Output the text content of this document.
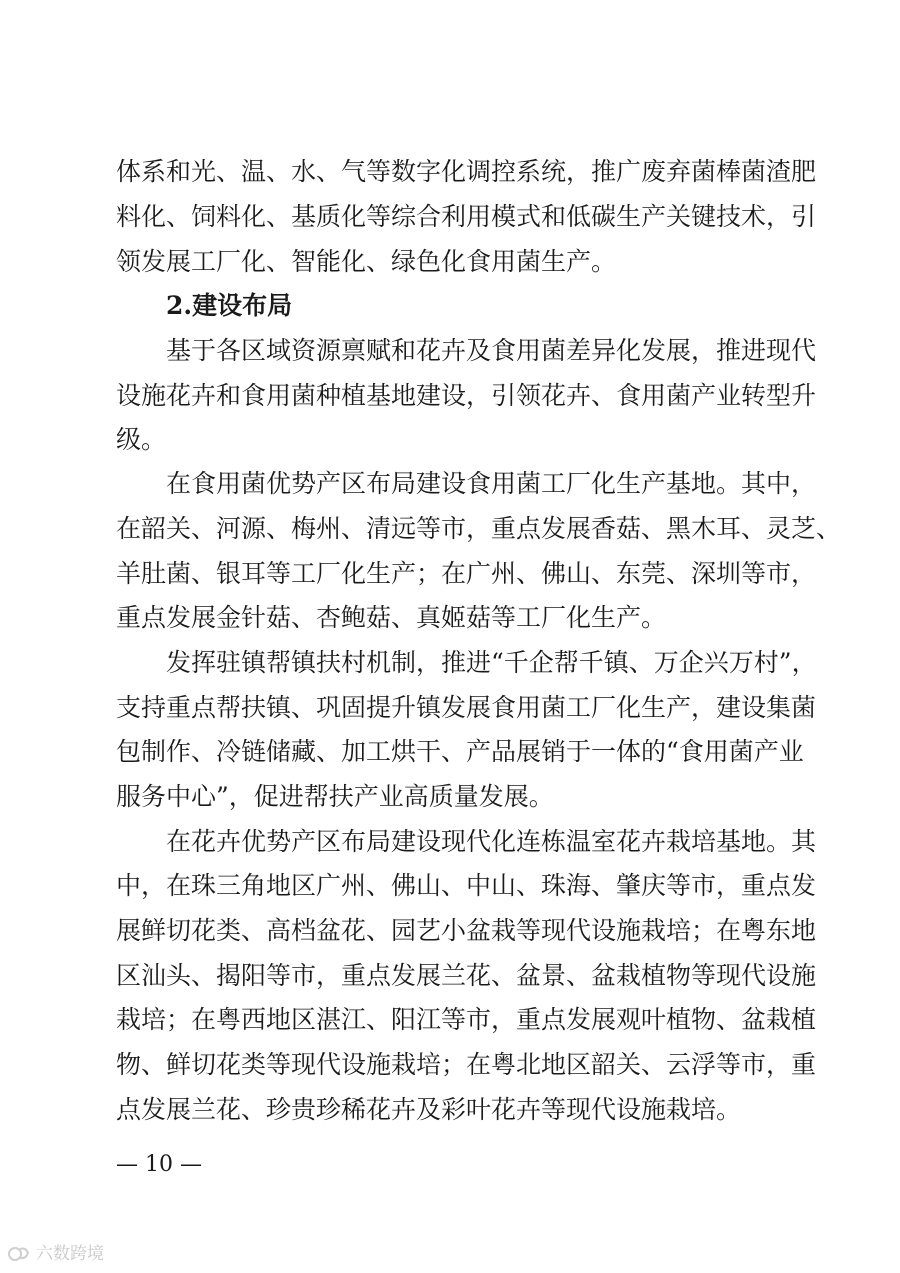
体系和光、温、水、气等数字化调控系统，推广废弃菌棒菌渣肥
料化、饲料化、基质化等综合利用模式和低碳生产关键技术，引
领发展工厂化、智能化、绿色化食用菌生产。
2.建设布局
基于各区域资源禀赋和花卉及食用菌差异化发展，推进现代
设施花卉和食用菌种植基地建设，引领花卉、食用菌产业转型升
级。
在食用菌优势产区布局建设食用菌工厂化生产基地。其中，
在韶关、河源、梅州、清远等市，重点发展香菇、黑木耳、灵芝、
羊肚菌、银耳等工厂化生产；在广州、佛山、东莞、深圳等市，
重点发展金针菇、杏鲍菇、真姬菇等工厂化生产。
发挥驻镇帮镇扶村机制，推进“千企帮千镇、万企兴万村”，
支持重点帮扶镇、巩固提升镇发展食用菌工厂化生产，建设集菌
包制作、冷链储藏、加工烘干、产品展销于一体的“食用菌产业
服务中心”，促进帮扶产业高质量发展。
在花卉优势产区布局建设现代化连栋温室花卉栽培基地。其
中，在珠三角地区广州、佛山、中山、珠海、肇庆等市，重点发
展鲜切花类、高档盆花、园艺小盆栽等现代设施栽培；在粤东地
区汕头、揭阳等市，重点发展兰花、盆景、盆栽植物等现代设施
栽培；在粤西地区湛江、阳江等市，重点发展观叶植物、盆栽植
物、鲜切花类等现代设施栽培；在粤北地区韶关、云浮等市，重
点发展兰花、珍贵珍稀花卉及彩叶花卉等现代设施栽培。
— 10 —
六数跨境
